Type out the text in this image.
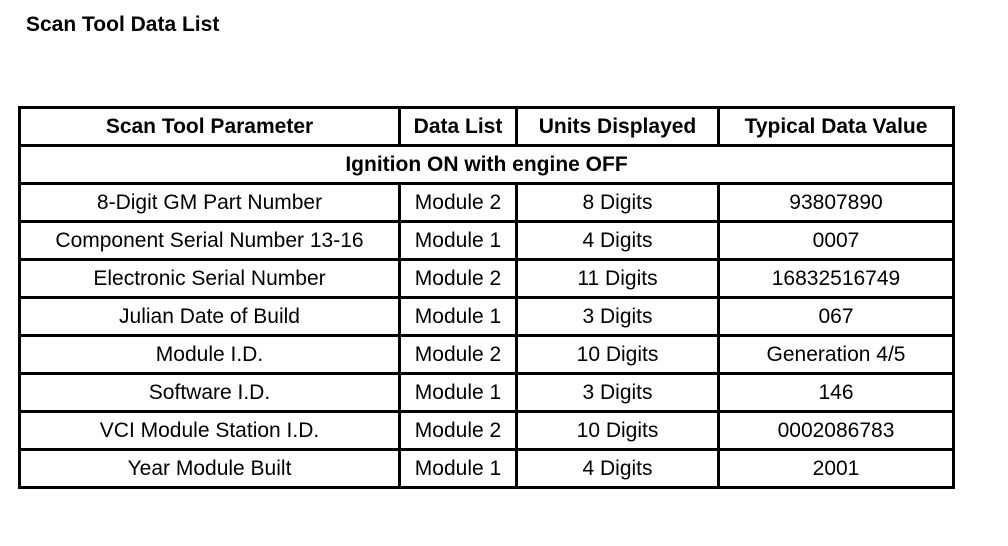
Scan Tool Data List
Scan Tool Parameter	Data List	Units Displayed	Typical Data Value
Ignition ON with engine OFF			
8-Digit GM Part Number	Module 2	8 Digits	93807890
Component Serial Number 13-16	Module 1	4 Digits	0007
Electronic Serial Number	Module 2	11 Digits	16832516749
Julian Date of Build	Module 1	3 Digits	067
Module I.D.	Module 2	10 Digits	Generation 4/5
Software I.D.	Module 1	3 Digits	146
VCI Module Station I.D.	Module 2	10 Digits	0002086783
Year Module Built	Module 1	4 Digits	2001
